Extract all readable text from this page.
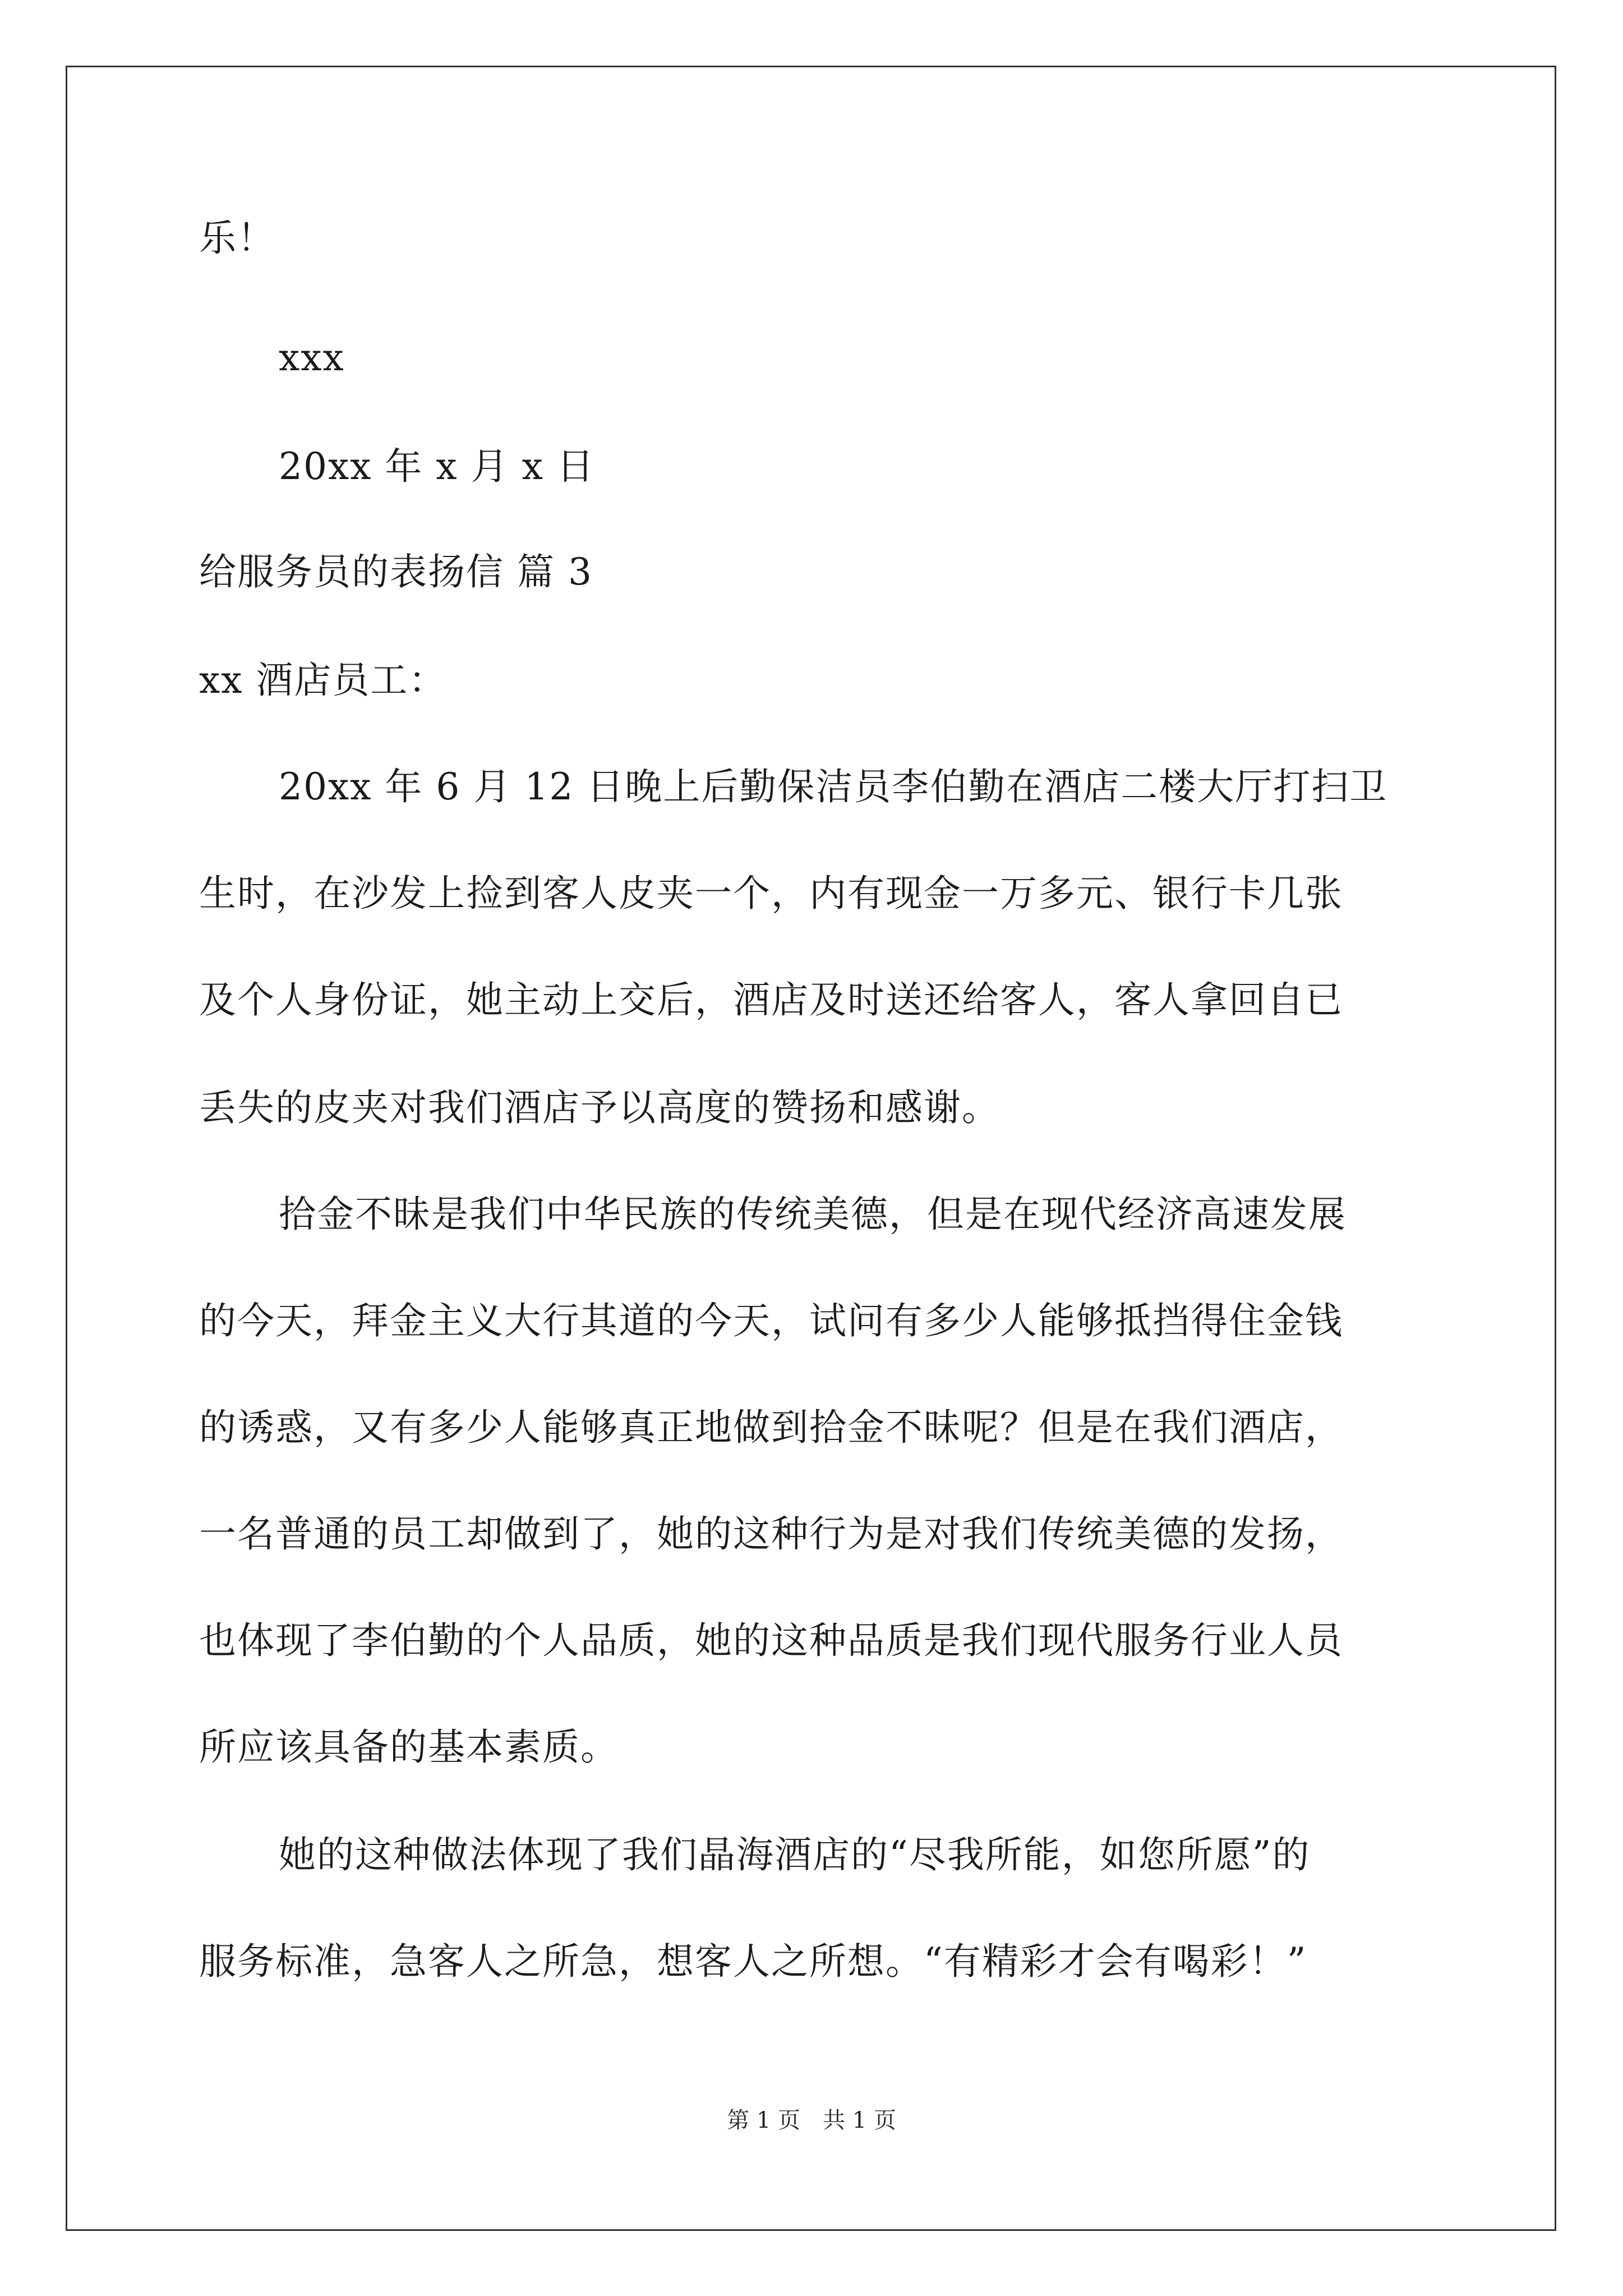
乐！
xxx
20xx 年 x 月 x 日
给服务员的表扬信 篇 3
xx 酒店员工：
20xx 年 6 月 12 日晚上后勤保洁员李伯勤在酒店二楼大厅打扫卫
生时，在沙发上捡到客人皮夹一个，内有现金一万多元、银行卡几张
及个人身份证，她主动上交后，酒店及时送还给客人，客人拿回自已
丢失的皮夹对我们酒店予以高度的赞扬和感谢。
拾金不昧是我们中华民族的传统美德，但是在现代经济高速发展
的今天，拜金主义大行其道的今天，试问有多少人能够抵挡得住金钱
的诱惑，又有多少人能够真正地做到拾金不昧呢？但是在我们酒店，
一名普通的员工却做到了，她的这种行为是对我们传统美德的发扬，
也体现了李伯勤的个人品质，她的这种品质是我们现代服务行业人员
所应该具备的基本素质。
她的这种做法体现了我们晶海酒店的“尽我所能，如您所愿”的
服务标准，急客人之所急，想客人之所想。“有精彩才会有喝彩！”
第 1 页　共 1 页
